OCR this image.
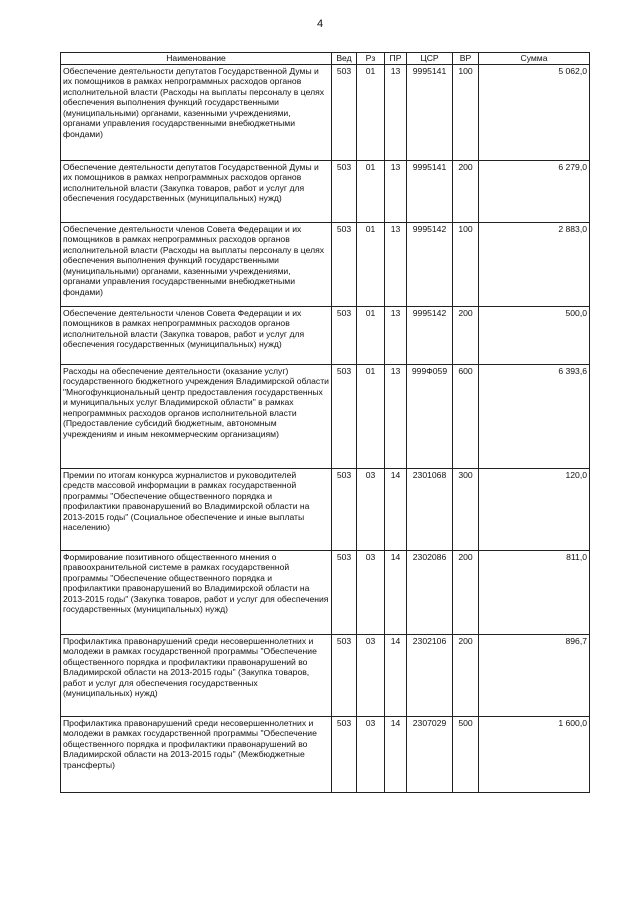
4
Наименование	Вед	Рз	ПР	ЦСР	ВР	Сумма
Обеспечение деятельности депутатов Государственной Думы и их помощников в рамках непрограммных расходов органов исполнительной власти (Расходы на выплаты персоналу в целях обеспечения выполнения функций государственными (муниципальными) органами, казенными учреждениями, органами управления государственными внебюджетными фондами)	503	01	13	9995141	100	5 062,0
Обеспечение деятельности депутатов Государственной Думы и их помощников в рамках непрограммных расходов органов исполнительной власти (Закупка товаров, работ и услуг для обеспечения государственных (муниципальных) нужд)	503	01	13	9995141	200	6 279,0
Обеспечение деятельности членов Совета Федерации и их помощников в рамках непрограммных расходов органов исполнительной власти (Расходы на выплаты персоналу в целях обеспечения выполнения функций государственными (муниципальными) органами, казенными учреждениями, органами управления государственными внебюджетными фондами)	503	01	13	9995142	100	2 883,0
Обеспечение деятельности членов Совета Федерации и их помощников в рамках непрограммных расходов органов исполнительной власти (Закупка товаров, работ и услуг для обеспечения государственных (муниципальных) нужд)	503	01	13	9995142	200	500,0
Расходы на обеспечение деятельности (оказание услуг) государственного бюджетного учреждения Владимирской области "Многофункциональный центр предоставления государственных и муниципальных услуг Владимирской области" в рамках непрограммных расходов органов исполнительной власти (Предоставление субсидий бюджетным, автономным учреждениям и иным некоммерческим организациям)	503	01	13	999Ф059	600	6 393,6
Премии по итогам конкурса журналистов и руководителей средств массовой информации в рамках государственной программы "Обеспечение общественного порядка и профилактики правонарушений во Владимирской области на 2013-2015 годы" (Социальное обеспечение и иные выплаты населению)	503	03	14	2301068	300	120,0
Формирование позитивного общественного мнения о правоохранительной системе в рамках государственной программы "Обеспечение общественного порядка и профилактики правонарушений во Владимирской области на 2013-2015 годы" (Закупка товаров, работ и услуг для обеспечения государственных (муниципальных) нужд)	503	03	14	2302086	200	811,0
Профилактика правонарушений среди несовершеннолетних и молодежи в рамках государственной программы "Обеспечение общественного порядка и профилактики правонарушений во Владимирской области на 2013-2015 годы" (Закупка товаров, работ и услуг для обеспечения государственных (муниципальных) нужд)	503	03	14	2302106	200	896,7
Профилактика правонарушений среди несовершеннолетних и молодежи в рамках государственной программы "Обеспечение общественного порядка и профилактики правонарушений во Владимирской области на 2013-2015 годы" (Межбюджетные трансферты)	503	03	14	2307029	500	1 600,0
